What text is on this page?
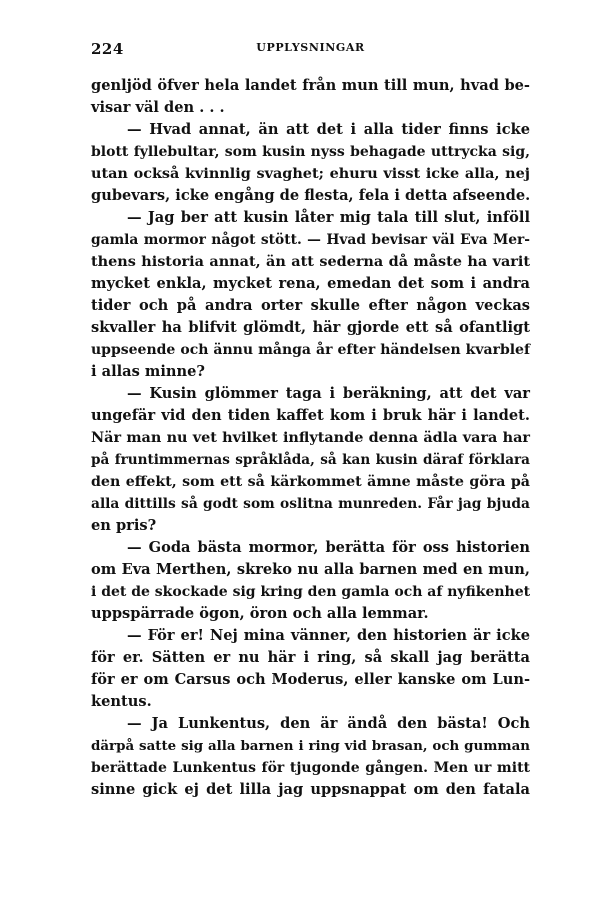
224	UPPLYSNINGAR
genljöd öfver hela landet från mun till mun, hvad be-
visar väl den . . .
— Hvad annat, än att det i alla tider finns icke
blott fyllebultar, som kusin nyss behagade uttrycka sig,
utan också kvinnlig svaghet; ehuru visst icke alla, nej
gubevars, icke engång de flesta, fela i detta afseende.
— Jag ber att kusin låter mig tala till slut, inföll
gamla mormor något stött. — Hvad bevisar väl Eva Mer-
thens historia annat, än att sederna då måste ha varit
mycket enkla, mycket rena, emedan det som i andra
tider och på andra orter skulle efter någon veckas
skvaller ha blifvit glömdt, här gjorde ett så ofantligt
uppseende och ännu många år efter händelsen kvarblef
i allas minne?
— Kusin glömmer taga i beräkning, att det var
ungefär vid den tiden kaffet kom i bruk här i landet.
När man nu vet hvilket inflytande denna ädla vara har
på fruntimmernas språklåda, så kan kusin däraf förklara
den effekt, som ett så kärkommet ämne måste göra på
alla dittills så godt som oslitna munreden. Får jag bjuda
en pris?
— Goda bästa mormor, berätta för oss historien
om Eva Merthen, skreko nu alla barnen med en mun,
i det de skockade sig kring den gamla och af nyfikenhet
uppspärrade ögon, öron och alla lemmar.
— För er! Nej mina vänner, den historien är icke
för er. Sätten er nu här i ring, så skall jag berätta
för er om Carsus och Moderus, eller kanske om Lun-
kentus.
— Ja Lunkentus, den är ändå den bästa! Och
därpå satte sig alla barnen i ring vid brasan, och gumman
berättade Lunkentus för tjugonde gången. Men ur mitt
sinne gick ej det lilla jag uppsnappat om den fatala
